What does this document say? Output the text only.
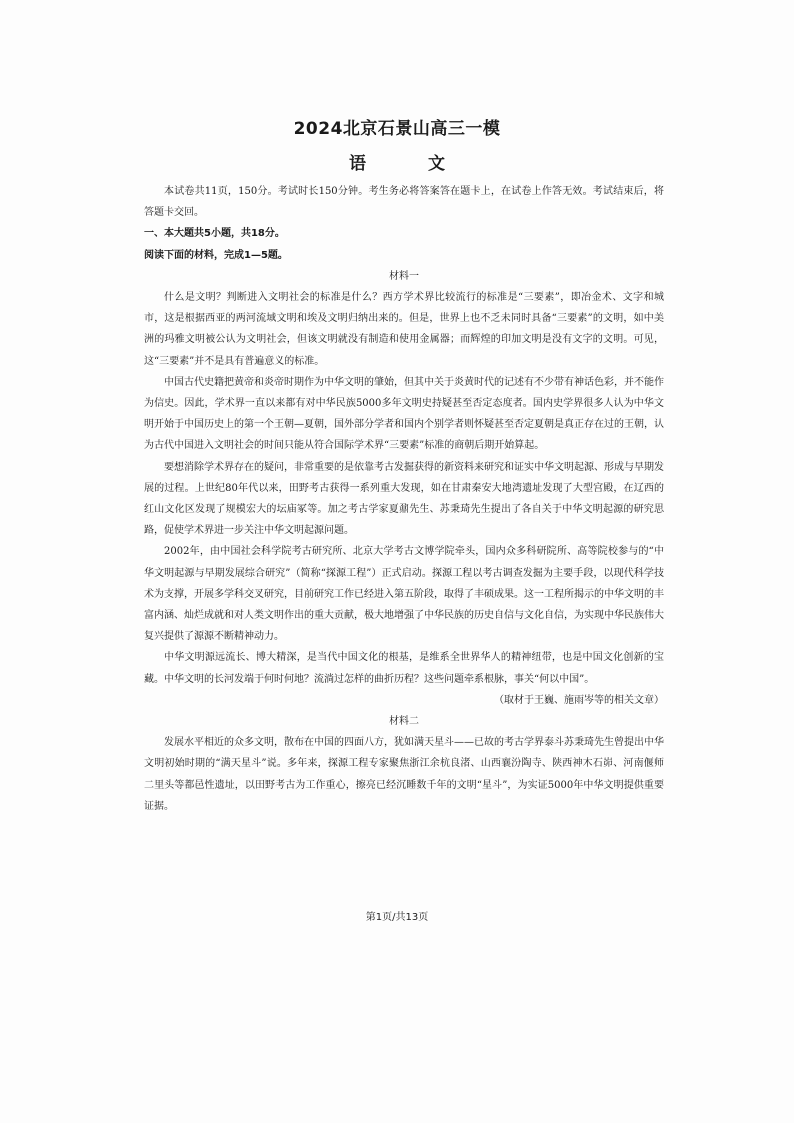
2024北京石景山高三一模
语 文

本试卷共11页，150分。考试时长150分钟。考生务必将答案答在题卡上，在试卷上作答无效。考试结束后，将答题卡交回。

一、本大题共5小题，共18分。

阅读下面的材料，完成1—5题。

材料一

什么是文明？判断进入文明社会的标准是什么？西方学术界比较流行的标准是“三要素”，即冶金术、文字和城市，这是根据西亚的两河流域文明和埃及文明归纳出来的。但是，世界上也不乏未同时具备“三要素”的文明，如中美洲的玛雅文明被公认为文明社会，但该文明就没有制造和使用金属器；而辉煌的印加文明是没有文字的文明。可见，这“三要素”并不是具有普遍意义的标准。

中国古代史籍把黄帝和炎帝时期作为中华文明的肇始，但其中关于炎黄时代的记述有不少带有神话色彩，并不能作为信史。因此，学术界一直以来都有对中华民族5000多年文明史持疑甚至否定态度者。国内史学界很多人认为中华文明开始于中国历史上的第一个王朝—夏朝，国外部分学者和国内个别学者则怀疑甚至否定夏朝是真正存在过的王朝，认为古代中国进入文明社会的时间只能从符合国际学术界“三要素”标准的商朝后期开始算起。

要想消除学术界存在的疑问，非常重要的是依靠考古发掘获得的新资料来研究和证实中华文明起源、形成与早期发展的过程。上世纪80年代以来，田野考古获得一系列重大发现，如在甘肃秦安大地湾遗址发现了大型宫殿，在辽西的红山文化区发现了规模宏大的坛庙冢等。加之考古学家夏鼐先生、苏秉琦先生提出了各自关于中华文明起源的研究思路，促使学术界进一步关注中华文明起源问题。

2002年，由中国社会科学院考古研究所、北京大学考古文博学院牵头，国内众多科研院所、高等院校参与的“中华文明起源与早期发展综合研究”（简称“探源工程”）正式启动。探源工程以考古调查发掘为主要手段，以现代科学技术为支撑，开展多学科交叉研究，目前研究工作已经进入第五阶段，取得了丰硕成果。这一工程所揭示的中华文明的丰富内涵、灿烂成就和对人类文明作出的重大贡献，极大地增强了中华民族的历史自信与文化自信，为实现中华民族伟大复兴提供了源源不断精神动力。

中华文明源远流长、博大精深，是当代中国文化的根基，是维系全世界华人的精神纽带，也是中国文化创新的宝藏。中华文明的长河发端于何时何地？流淌过怎样的曲折历程？这些问题牵系根脉，事关“何以中国”。

（取材于王巍、施雨岑等的相关文章）

材料二

发展水平相近的众多文明，散布在中国的四面八方，犹如满天星斗——已故的考古学界泰斗苏秉琦先生曾提出中华文明初始时期的“满天星斗”说。多年来，探源工程专家聚焦浙江余杭良渚、山西襄汾陶寺、陕西神木石峁、河南偃师二里头等都邑性遗址，以田野考古为工作重心，擦亮已经沉睡数千年的文明“星斗”，为实证5000年中华文明提供重要证据。

第1页/共13页
